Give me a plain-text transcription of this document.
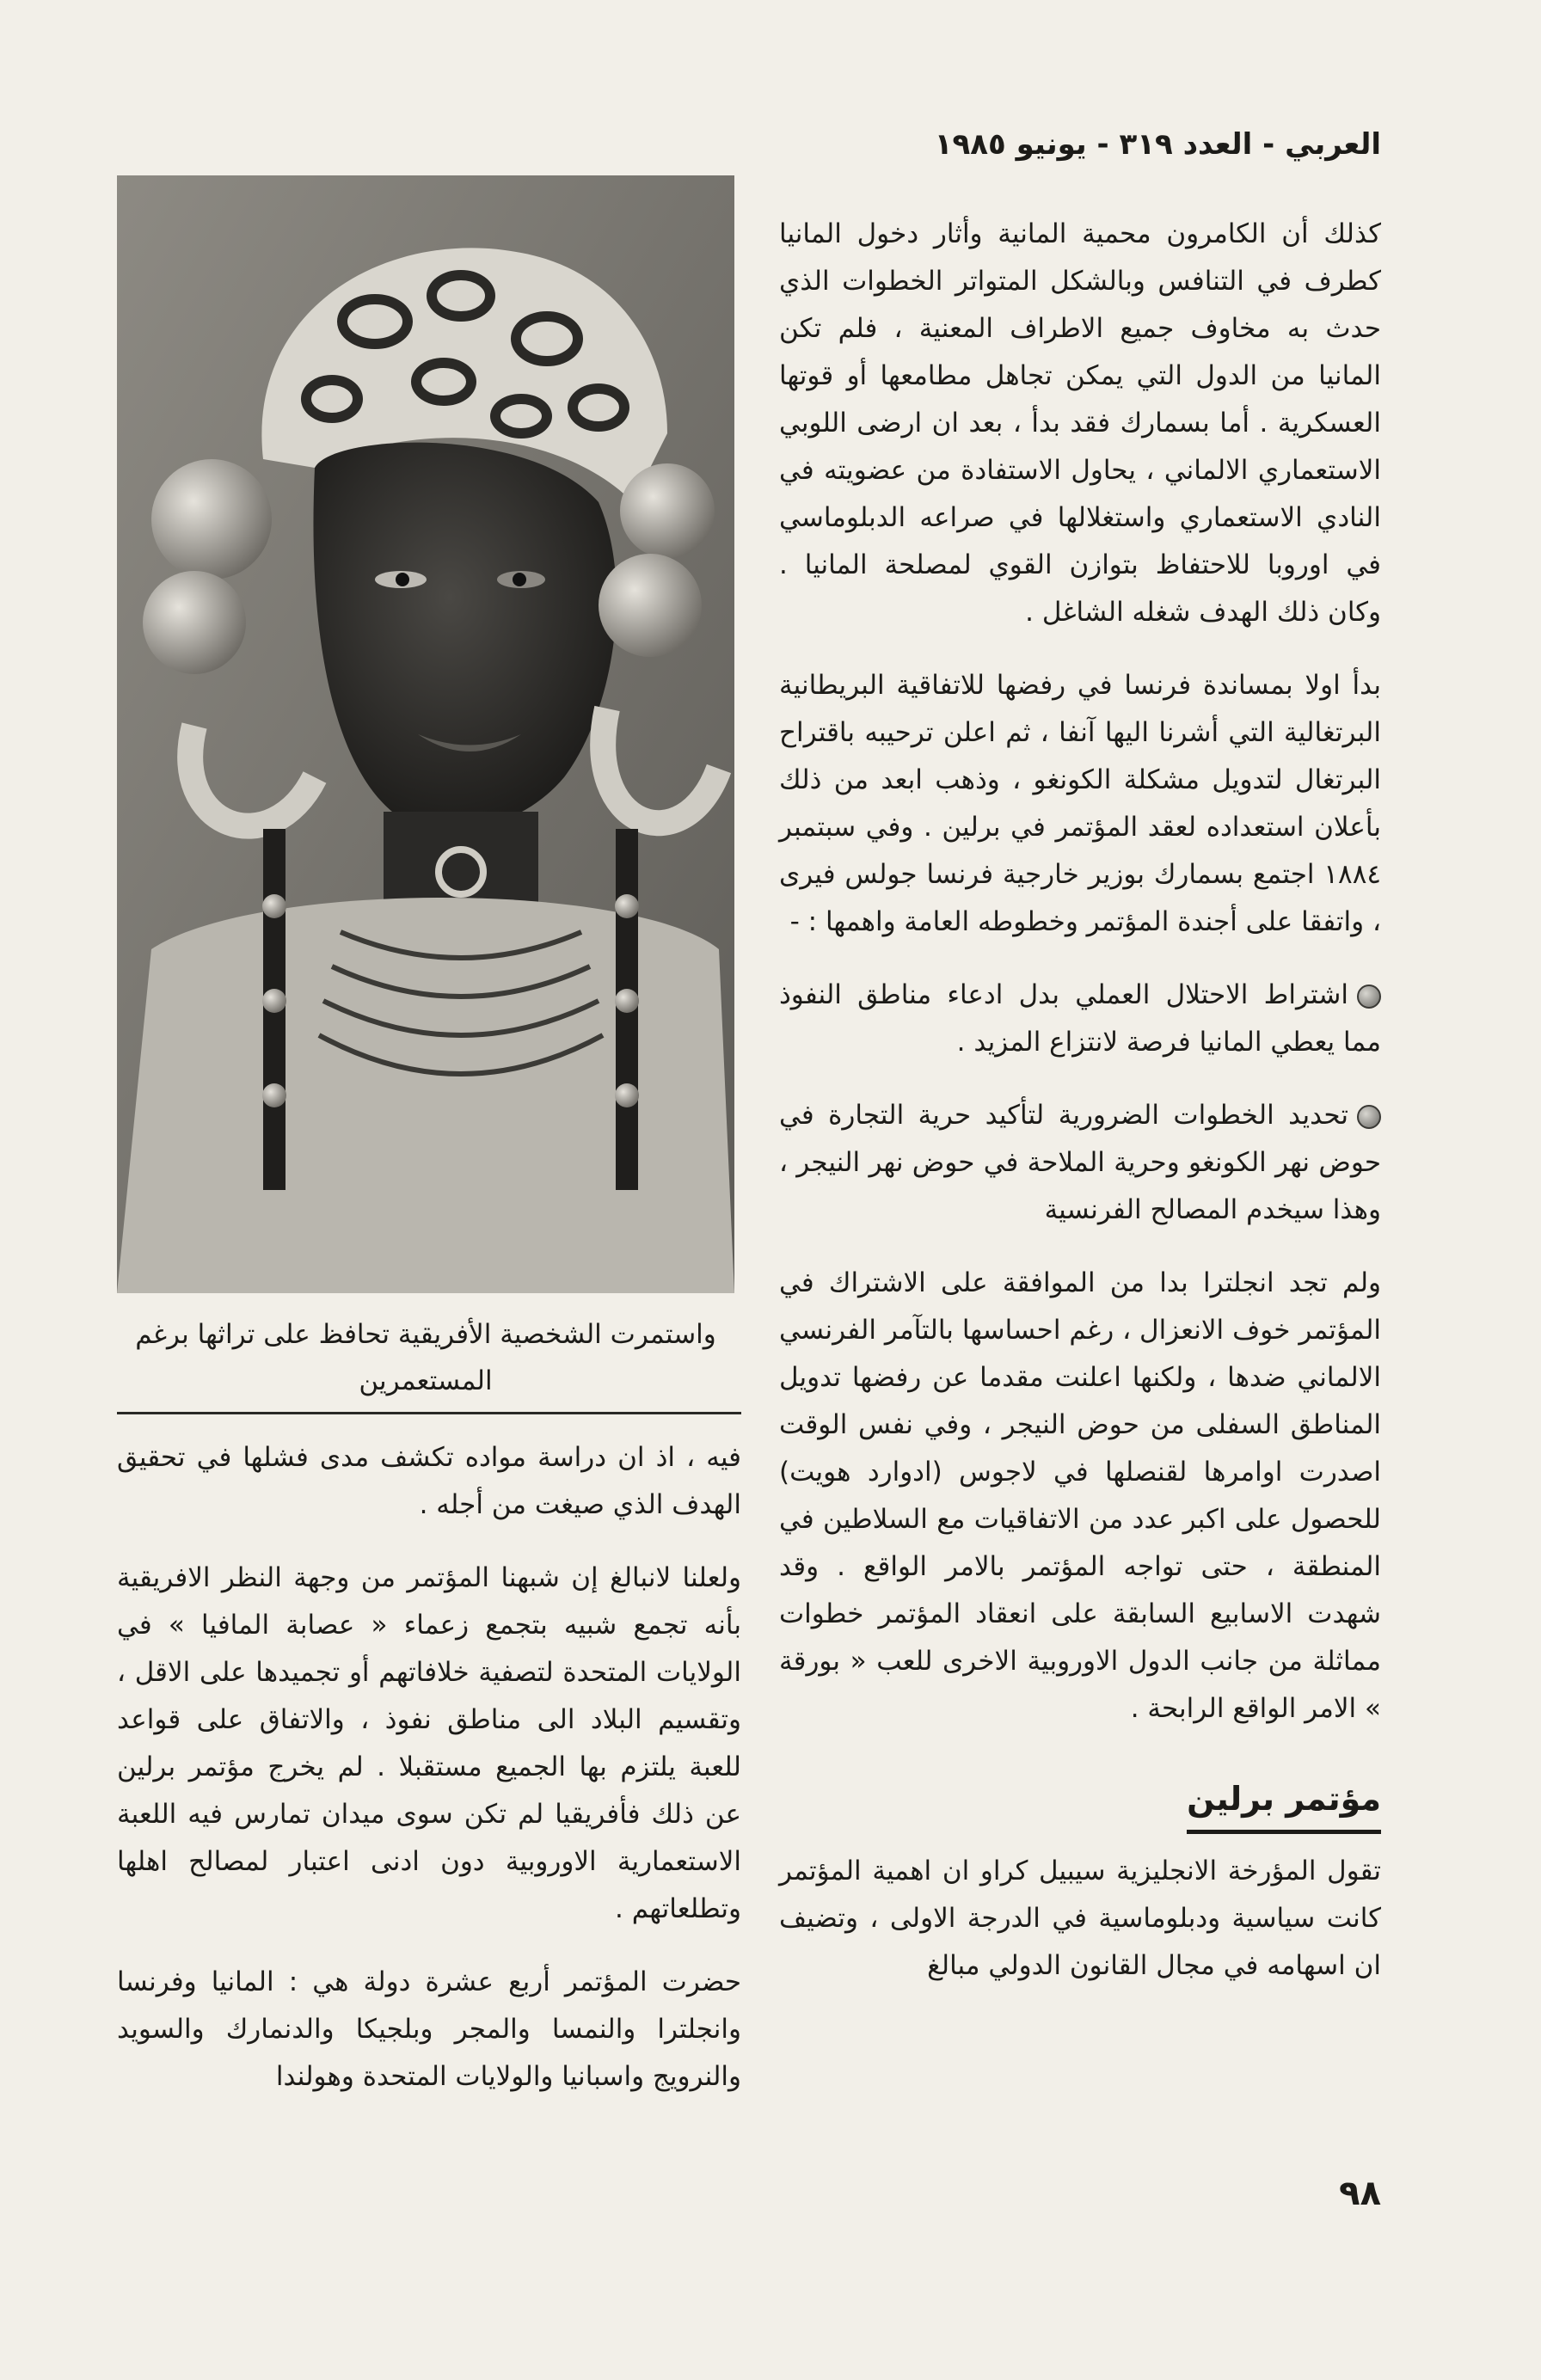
العربي - العدد ٣١٩ - يونيو ١٩٨٥
واستمرت الشخصية الأفريقية تحافظ على تراثها برغم المستعمرين

كذلك أن الكامرون محمية المانية وأثار دخول المانيا كطرف في التنافس وبالشكل المتواتر الخطوات الذي حدث به مخاوف جميع الاطراف المعنية ، فلم تكن المانيا من الدول التي يمكن تجاهل مطامعها أو قوتها العسكرية . أما بسمارك فقد بدأ ، بعد ان ارضى اللوبي الاستعماري الالماني ، يحاول الاستفادة من عضويته في النادي الاستعماري واستغلالها في صراعه الدبلوماسي في اوروبا للاحتفاظ بتوازن القوي لمصلحة المانيا . وكان ذلك الهدف شغله الشاغل .

بدأ اولا بمساندة فرنسا في رفضها للاتفاقية البريطانية البرتغالية التي أشرنا اليها آنفا ، ثم اعلن ترحيبه باقتراح البرتغال لتدويل مشكلة الكونغو ، وذهب ابعد من ذلك بأعلان استعداده لعقد المؤتمر في برلين . وفي سبتمبر ١٨٨٤ اجتمع بسمارك بوزير خارجية فرنسا جولس فيرى ، واتفقا على أجندة المؤتمر وخطوطه العامة واهمها : -

اشتراط الاحتلال العملي بدل ادعاء مناطق النفوذ مما يعطي المانيا فرصة لانتزاع المزيد .

تحديد الخطوات الضرورية لتأكيد حرية التجارة في حوض نهر الكونغو وحرية الملاحة في حوض نهر النيجر ، وهذا سيخدم المصالح الفرنسية

ولم تجد انجلترا بدا من الموافقة على الاشتراك في المؤتمر خوف الانعزال ، رغم احساسها بالتآمر الفرنسي الالماني ضدها ، ولكنها اعلنت مقدما عن رفضها تدويل المناطق السفلى من حوض النيجر ، وفي نفس الوقت اصدرت اوامرها لقنصلها في لاجوس (ادوارد هويت) للحصول على اكبر عدد من الاتفاقيات مع السلاطين في المنطقة ، حتى تواجه المؤتمر بالامر الواقع . وقد شهدت الاسابيع السابقة على انعقاد المؤتمر خطوات مماثلة من جانب الدول الاوروبية الاخرى للعب « بورقة » الامر الواقع الرابحة .

مؤتمر برلين

تقول المؤرخة الانجليزية سيبيل كراو ان اهمية المؤتمر كانت سياسية ودبلوماسية في الدرجة الاولى ، وتضيف ان اسهامه في مجال القانون الدولي مبالغ

فيه ، اذ ان دراسة مواده تكشف مدى فشلها في تحقيق الهدف الذي صيغت من أجله .

ولعلنا لانبالغ إن شبهنا المؤتمر من وجهة النظر الافريقية بأنه تجمع شبيه بتجمع زعماء « عصابة المافيا » في الولايات المتحدة لتصفية خلافاتهم أو تجميدها على الاقل ، وتقسيم البلاد الى مناطق نفوذ ، والاتفاق على قواعد للعبة يلتزم بها الجميع مستقبلا . لم يخرج مؤتمر برلين عن ذلك فأفريقيا لم تكن سوى ميدان تمارس فيه اللعبة الاستعمارية الاوروبية دون ادنى اعتبار لمصالح اهلها وتطلعاتهم .

حضرت المؤتمر أربع عشرة دولة هي : المانيا وفرنسا وانجلترا والنمسا والمجر وبلجيكا والدنمارك والسويد والنرويج واسبانيا والولايات المتحدة وهولندا

٩٨
